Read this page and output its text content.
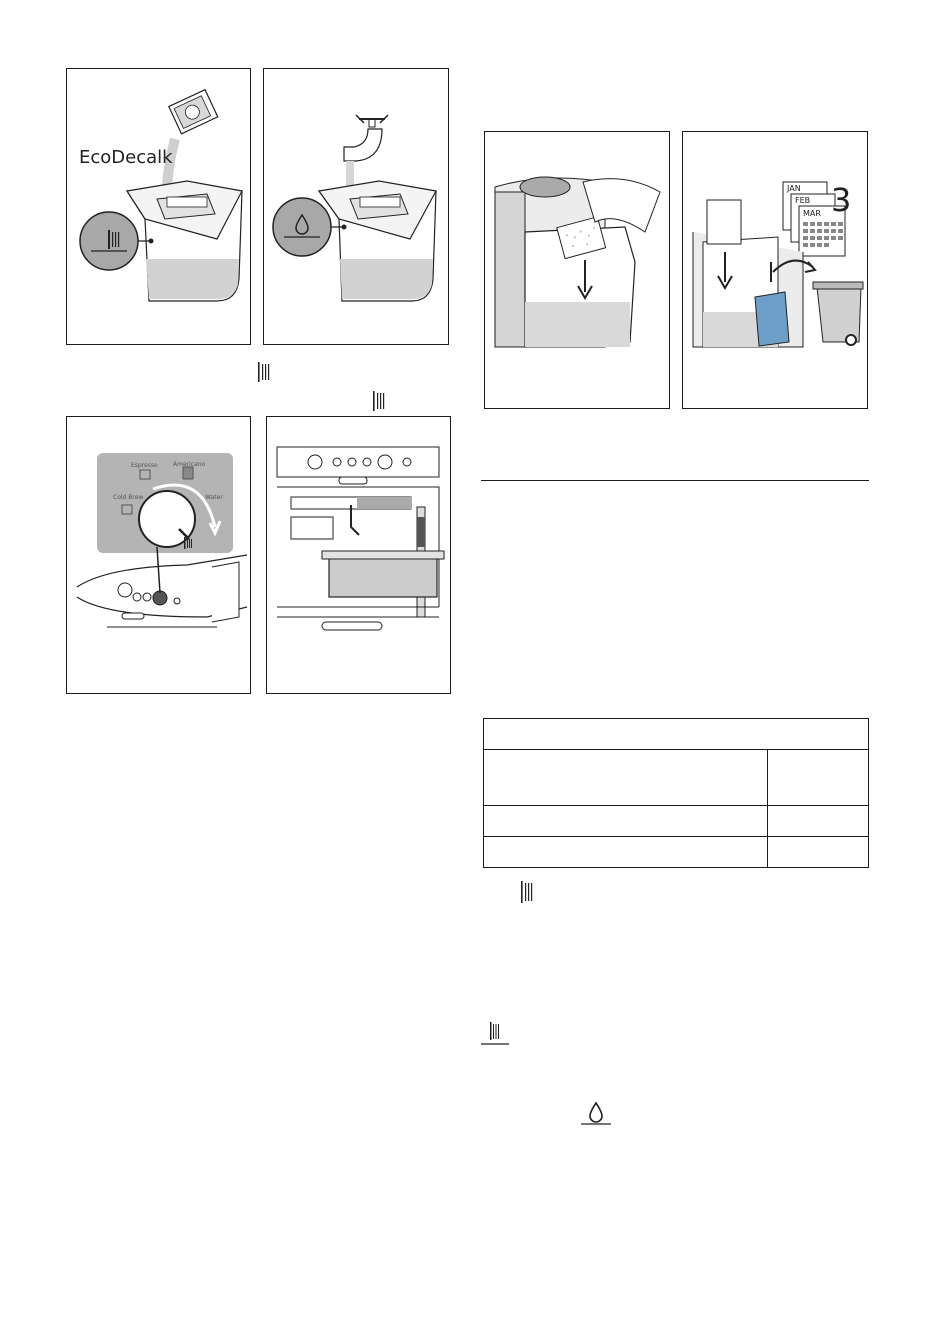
EcoDecalk
Espresso	Americano
Cold Brew	Water
JAN
FEB
MAR 3
